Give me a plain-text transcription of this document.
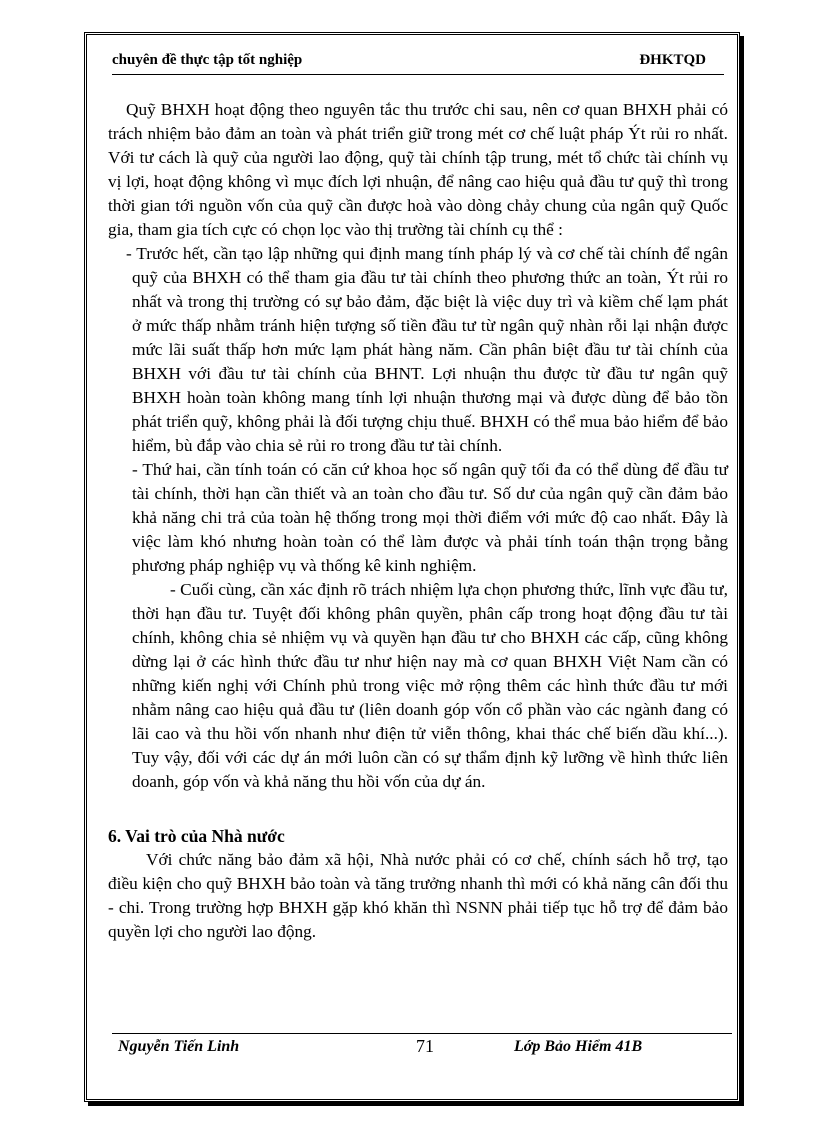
chuyên đề thực tập tốt nghiệp	ĐHKTQD

Quỹ BHXH hoạt động theo nguyên tắc thu trước chi sau, nên cơ quan BHXH phải có trách nhiệm bảo đảm an toàn và phát triển giữ trong mét cơ chế luật pháp Ýt rủi ro nhất. Với tư cách là quỹ của người lao động, quỹ tài chính tập trung, mét tổ chức tài chính vụ vị lợi, hoạt động không vì mục đích lợi nhuận, để nâng cao hiệu quả đầu tư quỹ thì trong thời gian tới nguồn vốn của quỹ cần được hoà vào dòng chảy chung của ngân quỹ Quốc gia, tham gia tích cực có chọn lọc vào thị trường tài chính cụ thể :

- Trước hết, cần tạo lập những qui định mang tính pháp lý và cơ chế tài chính để ngân quỹ của BHXH có thể tham gia đầu tư tài chính theo phương thức an toàn, Ýt rủi ro nhất và trong thị trường có sự bảo đảm, đặc biệt là việc duy trì và kiềm chế lạm phát ở mức thấp nhằm tránh hiện tượng số tiền đầu tư từ ngân quỹ nhàn rỗi lại nhận được mức lãi suất thấp hơn mức lạm phát hàng năm. Cần phân biệt đầu tư tài chính của BHXH với đầu tư tài chính của BHNT. Lợi nhuận thu được từ đầu tư ngân quỹ BHXH hoàn toàn không mang tính lợi nhuận thương mại và được dùng để bảo tồn phát triển quỹ, không phải là đối tượng chịu thuế. BHXH có thể mua bảo hiểm để bảo hiểm, bù đắp vào chia sẻ rủi ro trong đầu tư tài chính.

- Thứ hai, cần tính toán có căn cứ khoa học số ngân quỹ tối đa có thể dùng để đầu tư tài chính, thời hạn cần thiết và an toàn cho đầu tư. Số dư của ngân quỹ cần đảm bảo khả năng chi trả của toàn hệ thống trong mọi thời điểm với mức độ cao nhất. Đây là việc làm khó nhưng hoàn toàn có thể làm được và phải tính toán thận trọng bằng phương pháp nghiệp vụ và thống kê kinh nghiệm.

- Cuối cùng, cần xác định rõ trách nhiệm lựa chọn phương thức, lĩnh vực đầu tư, thời hạn đầu tư. Tuyệt đối không phân quyền, phân cấp trong hoạt động đầu tư tài chính, không chia sẻ nhiệm vụ và quyền hạn đầu tư cho BHXH các cấp, cũng không dừng lại ở các hình thức đầu tư như hiện nay mà cơ quan BHXH Việt Nam cần có những kiến nghị với Chính phủ trong việc mở rộng thêm các hình thức đầu tư mới nhằm nâng cao hiệu quả đầu tư (liên doanh góp vốn cổ phần vào các ngành đang có lãi cao và thu hồi vốn nhanh như điện tử viễn thông, khai thác chế biến dầu khí...). Tuy vậy, đối với các dự án mới luôn cần có sự thẩm định kỹ lưỡng về hình thức liên doanh, góp vốn và khả năng thu hồi vốn của dự án.

6. Vai trò của Nhà nước

Với chức năng bảo đảm xã hội, Nhà nước phải có cơ chế, chính sách hỗ trợ, tạo điều kiện cho quỹ BHXH bảo toàn và tăng trưởng nhanh thì mới có khả năng cân đối thu - chi. Trong trường hợp BHXH gặp khó khăn thì NSNN phải tiếp tục hỗ trợ để đảm bảo quyền lợi cho người lao động.

Nguyễn Tiến Linh	71	Lớp Bảo Hiểm 41B
